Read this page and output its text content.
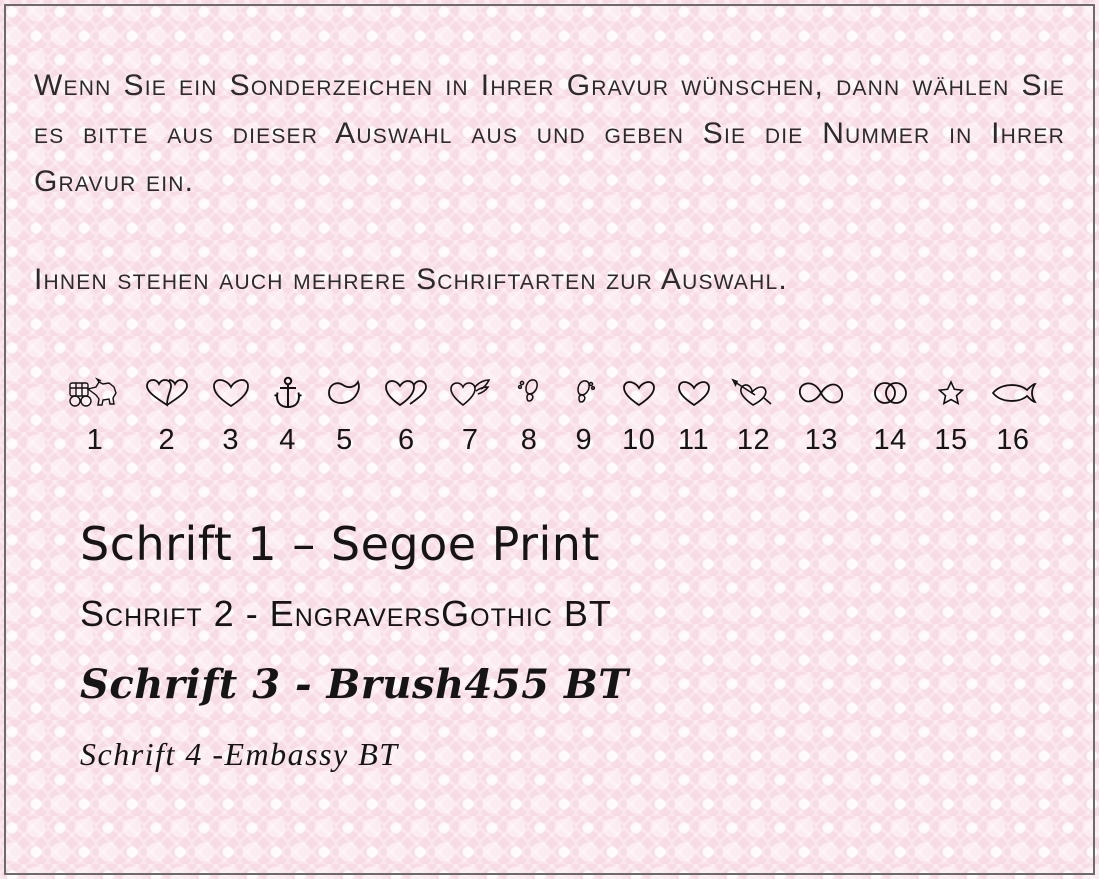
Wenn Sie ein Sonderzeichen in Ihrer Gravur wünschen, dann wählen Sie es bitte aus dieser Auswahl aus und geben Sie die Nummer in Ihrer Gravur ein.

Ihnen stehen auch mehrere Schriftarten zur Auswahl.

1 2 3 4 5 6 7 8 9 10 11 12 13 14 15 16
Schrift 1 – Segoe Print
Schrift 2 - EngraversGothic BT
Schrift 3 - Brush455 BT
Schrift 4 -Embassy BT
